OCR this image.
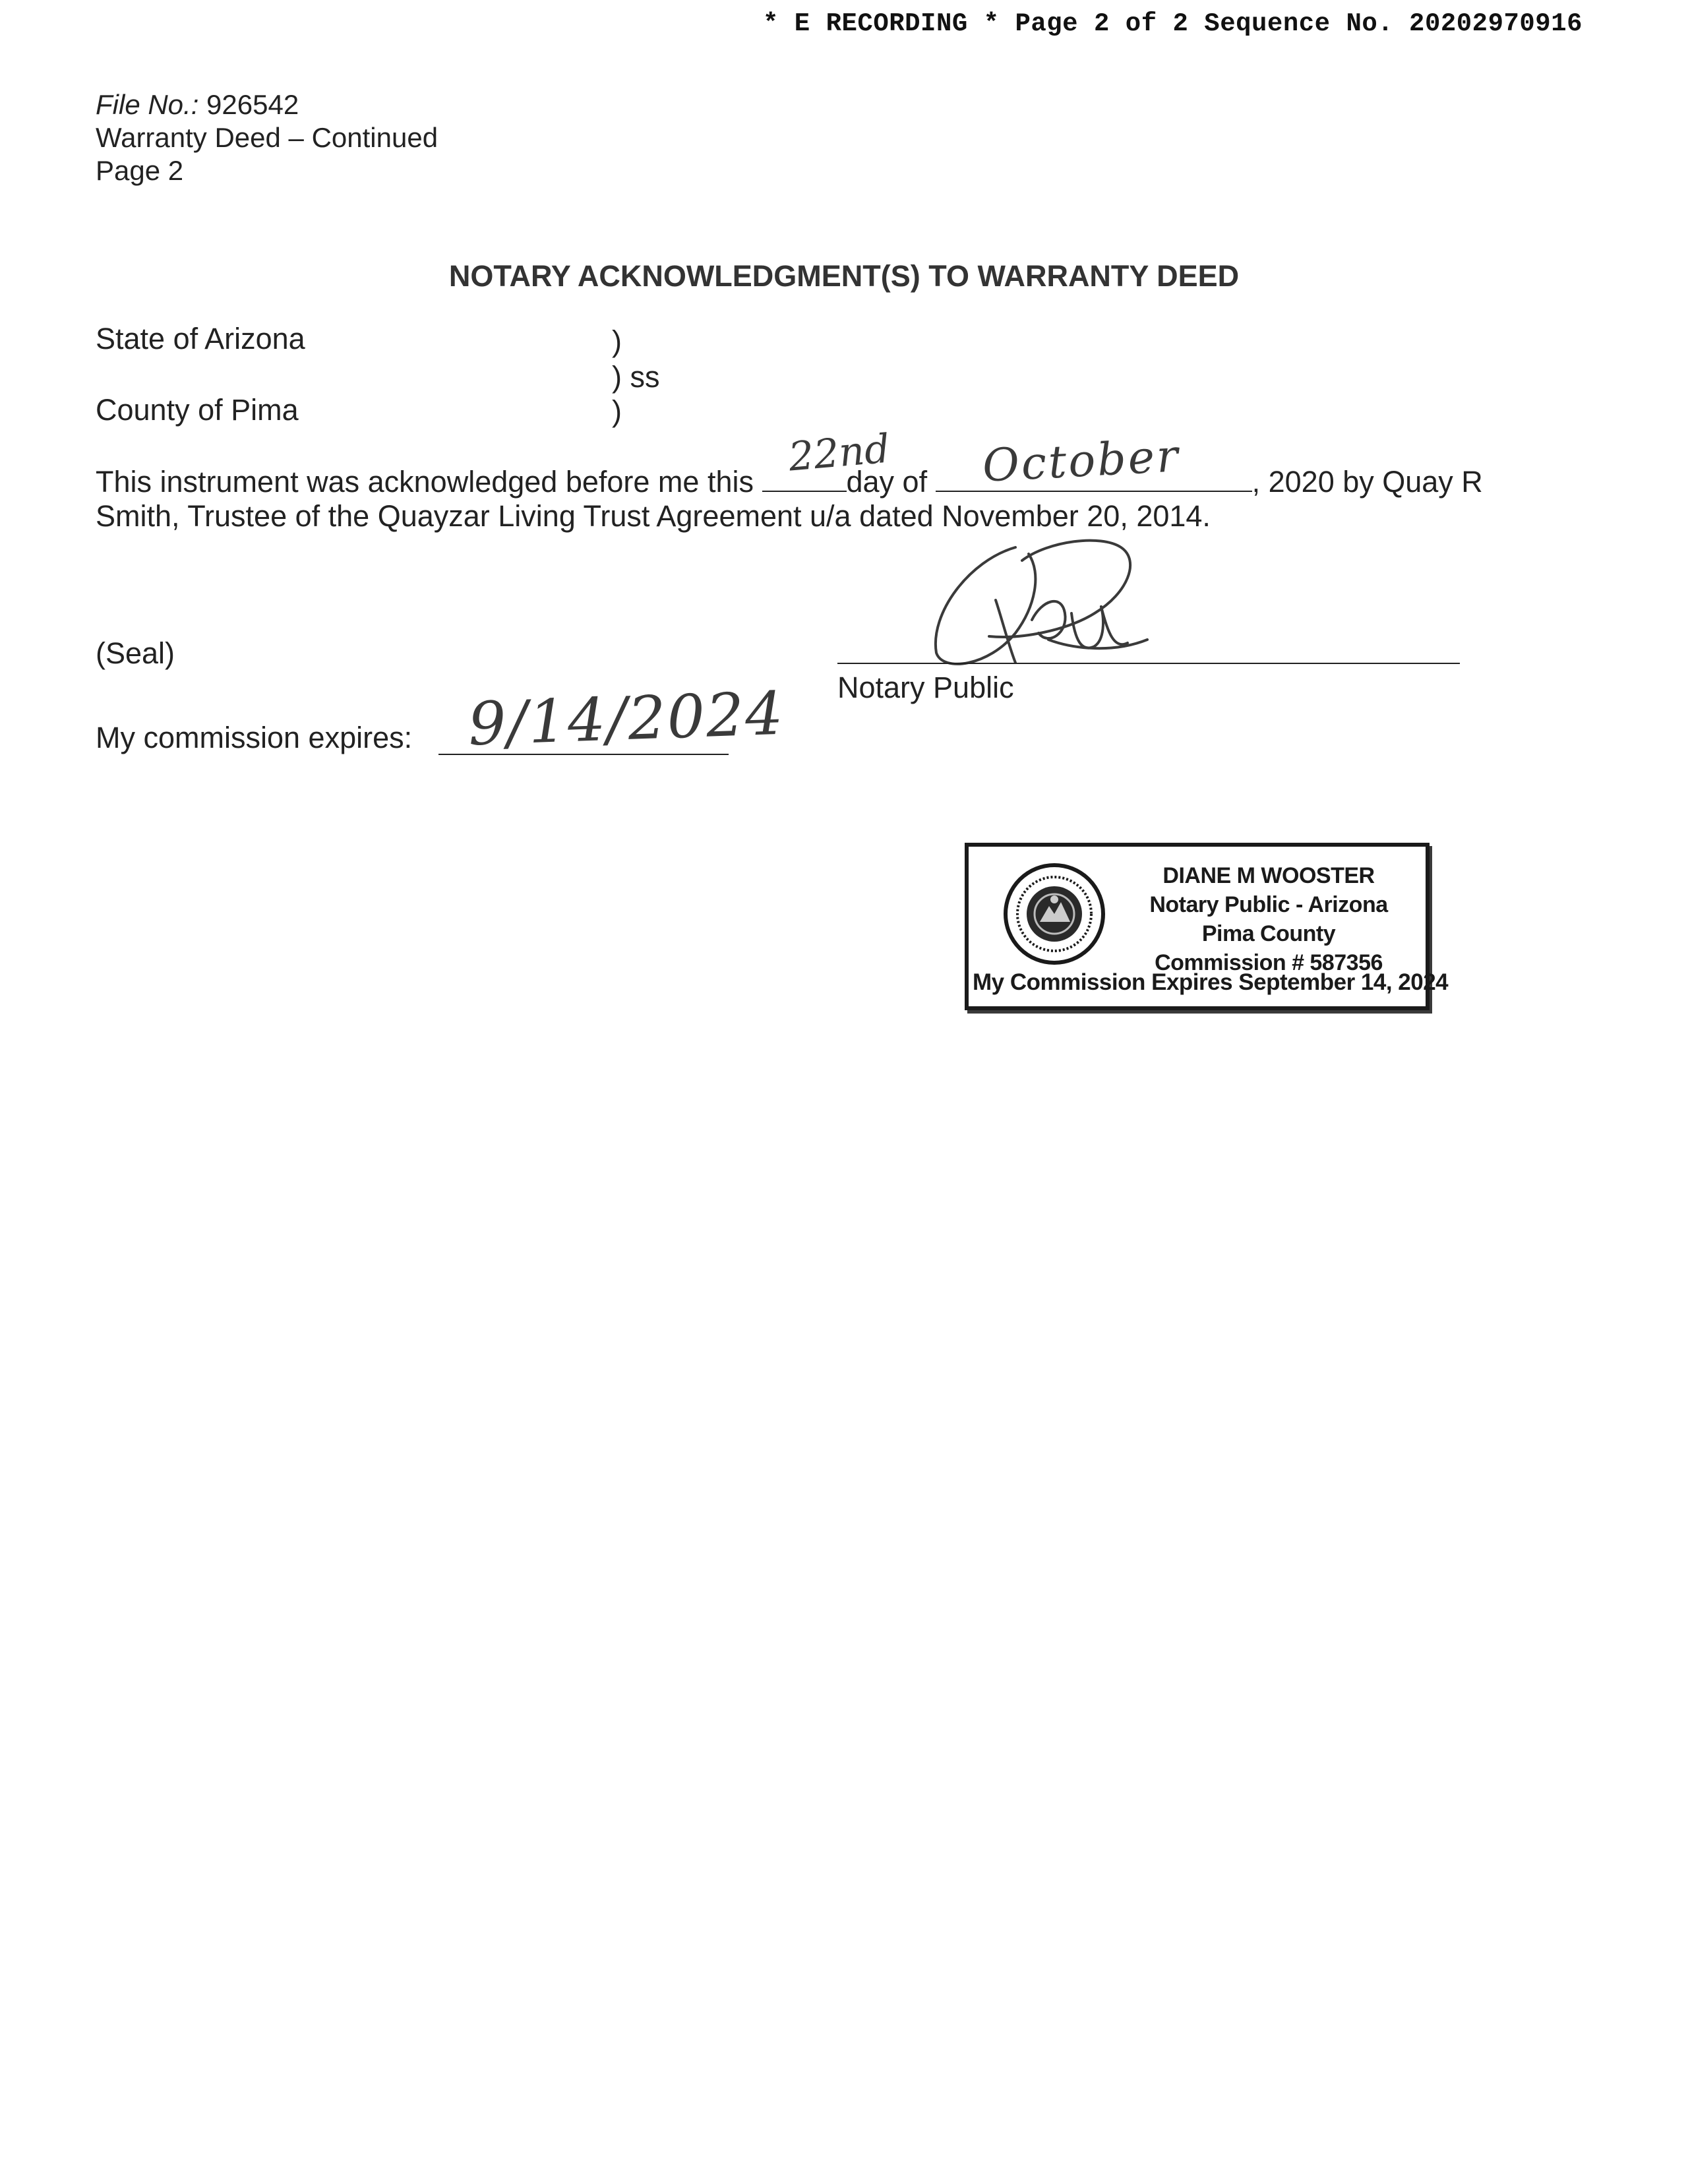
* E RECORDING * Page 2 of 2 Sequence No. 20202970916
File No.: 926542
Warranty Deed – Continued
Page 2
NOTARY ACKNOWLEDGMENT(S) TO WARRANTY DEED
State of Arizona
County of Pima
)
) ss
)
This instrument was acknowledged before me this	day of	, 2020 by Quay R
22nd October
Smith, Trustee of the Quayzar Living Trust Agreement u/a dated November 20, 2014.
(Seal)
Notary Public
My commission expires: 9/14/2024
DIANE M WOOSTER
Notary Public - Arizona
Pima County
Commission # 587356
My Commission Expires September 14, 2024
